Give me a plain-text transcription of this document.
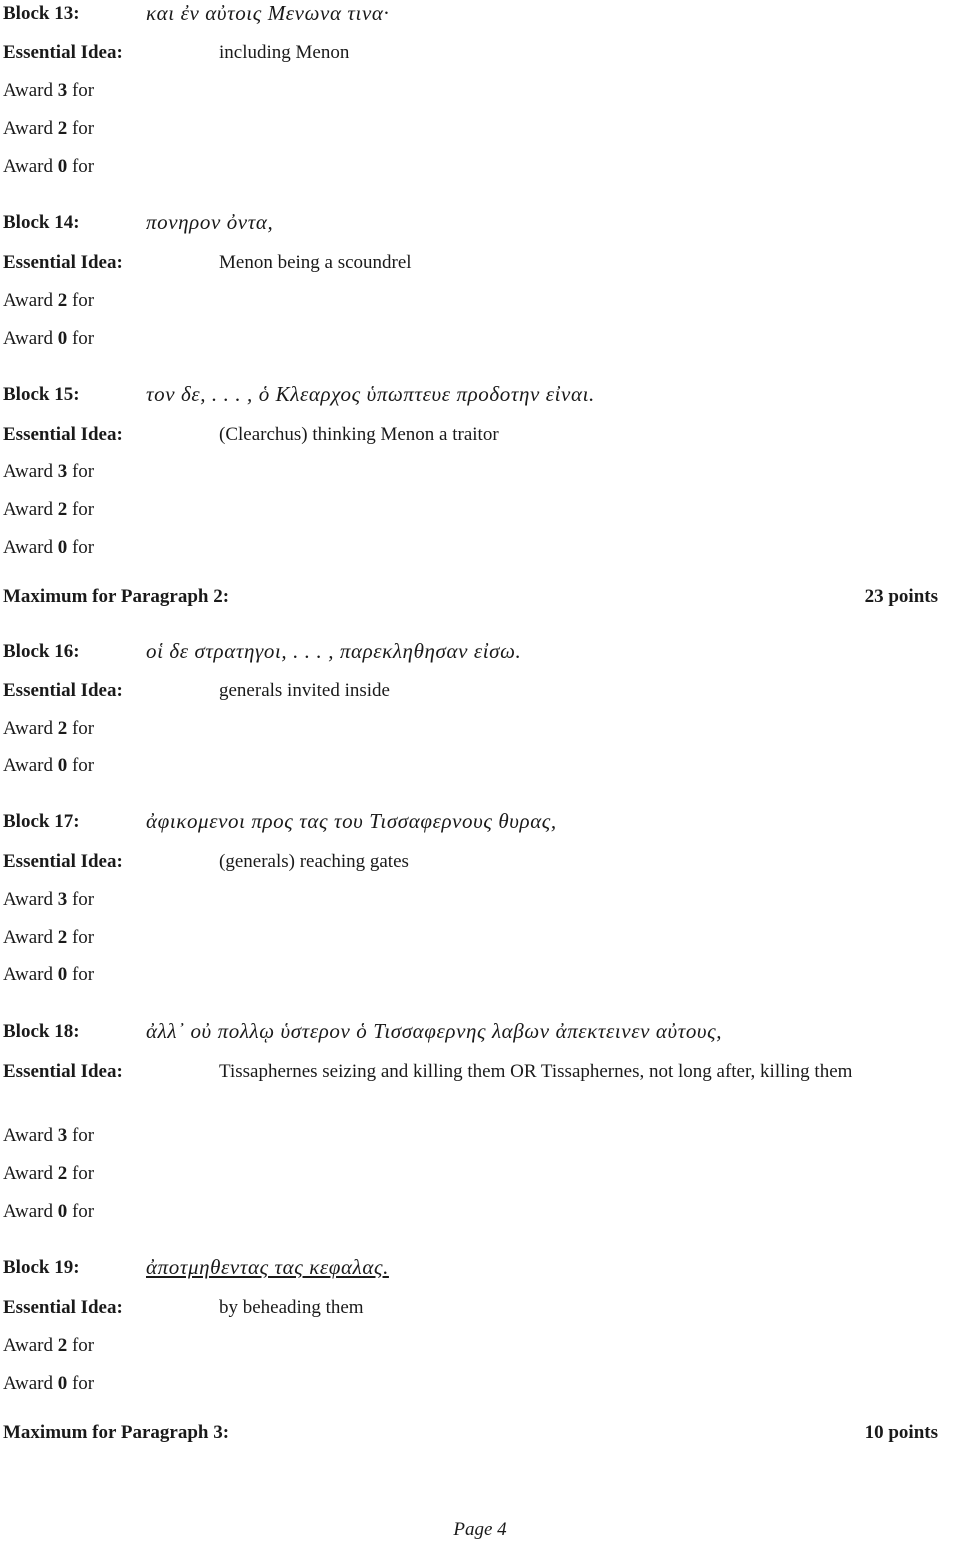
Block 13:	και ἐν αὐτοις Μενωνα τινα·
Essential Idea:	including Menon
Award 3 for
Award 2 for
Award 0 for
Block 14:	πονηρον ὀντα,
Essential Idea:	Menon being a scoundrel
Award 2 for
Award 0 for
Block 15:	τον δε, . . . , ὁ Κλεαρχος ὑπωπτευε προδοτην εἰναι.
Essential Idea:	(Clearchus) thinking Menon a traitor
Award 3 for
Award 2 for
Award 0 for
Maximum for Paragraph 2:	23 points
Block 16:	οἱ δε στρατηγοι, . . . , παρεκληθησαν εἰσω.
Essential Idea:	generals invited inside
Award 2 for
Award 0 for
Block 17:	ἀφικομενοι προς τας του Τισσαφερνους θυρας,
Essential Idea:	(generals) reaching gates
Award 3 for
Award 2 for
Award 0 for
Block 18:	ἀλλ᾽ οὐ πολλῳ ὑστερον ὁ Τισσαφερνης λαβων ἀπεκτεινεν αὐτους,
Essential Idea:	Tissaphernes seizing and killing them OR Tissaphernes, not long after, killing them
Award 3 for
Award 2 for
Award 0 for
Block 19:	ἀποτμηθεντας τας κεφαλας.
Essential Idea:	by beheading them
Award 2 for
Award 0 for
Maximum for Paragraph 3:	10 points
Page 4
